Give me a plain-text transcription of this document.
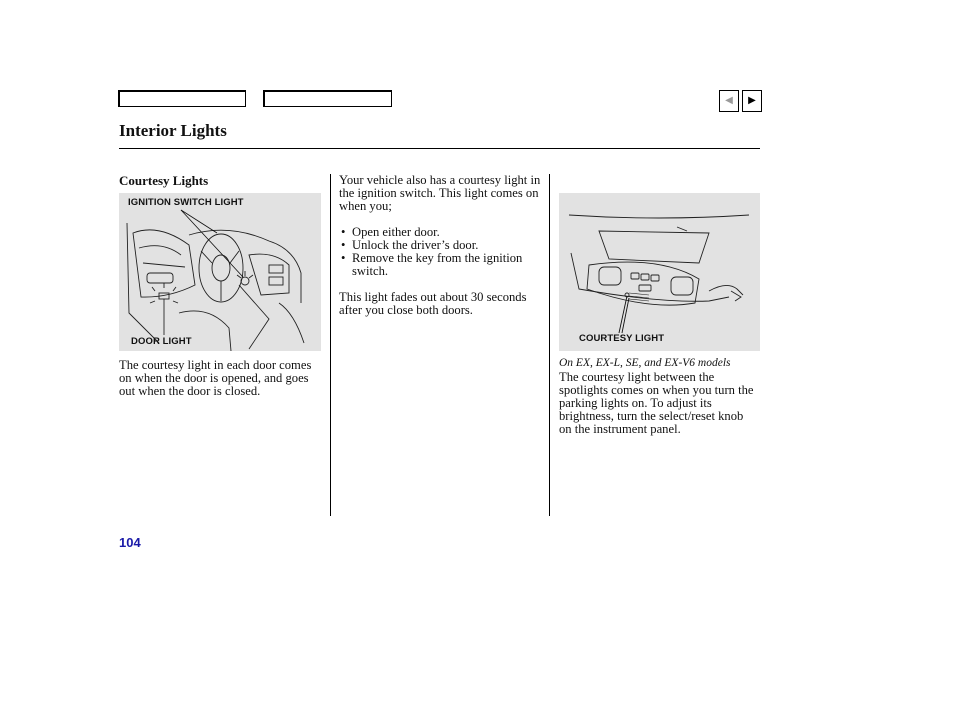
◀ ▶
Interior Lights
Courtesy Lights
IGNITION SWITCH LIGHT
DOOR LIGHT

The courtesy light in each door comes on when the door is opened, and goes out when the door is closed.

Your vehicle also has a courtesy light in the ignition switch. This light comes on when you;

• Open either door.
• Unlock the driver’s door.
• Remove the key from the ignition switch.

This light fades out about 30 seconds after you close both doors.

COURTESY LIGHT

On EX, EX-L, SE, and EX-V6 models

The courtesy light between the spotlights comes on when you turn the parking lights on. To adjust its brightness, turn the select/reset knob on the instrument panel.

104
